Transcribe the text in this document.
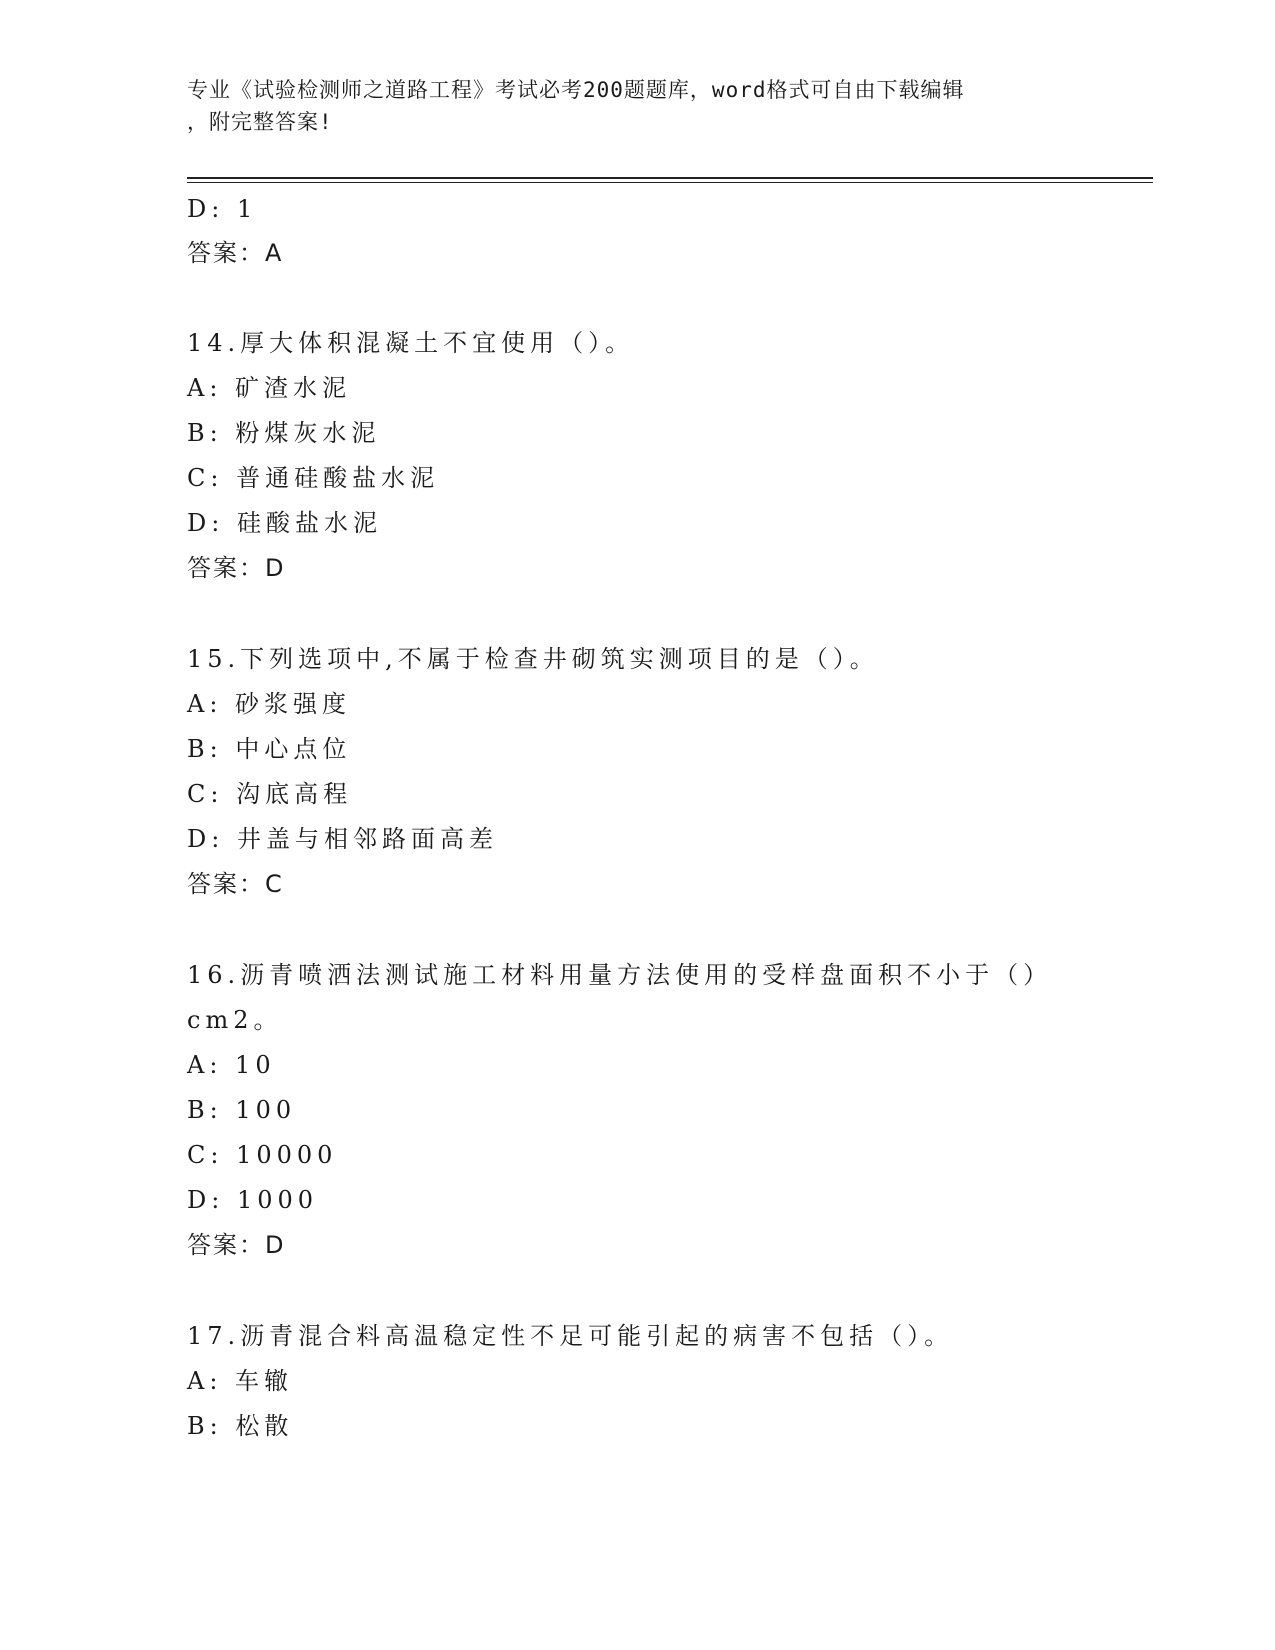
专业《试验检测师之道路工程》考试必考200题题库，word格式可自由下载编辑
，附完整答案!
D: 1
答案：A
14.厚大体积混凝土不宜使用（）。
A: 矿渣水泥
B: 粉煤灰水泥
C: 普通硅酸盐水泥
D: 硅酸盐水泥
答案：D
15.下列选项中,不属于检查井砌筑实测项目的是（）。
A: 砂浆强度
B: 中心点位
C: 沟底高程
D: 井盖与相邻路面高差
答案：C
16.沥青喷洒法测试施工材料用量方法使用的受样盘面积不小于（）
cm2。
A: 10
B: 100
C: 10000
D: 1000
答案：D
17.沥青混合料高温稳定性不足可能引起的病害不包括（）。
A: 车辙
B: 松散
